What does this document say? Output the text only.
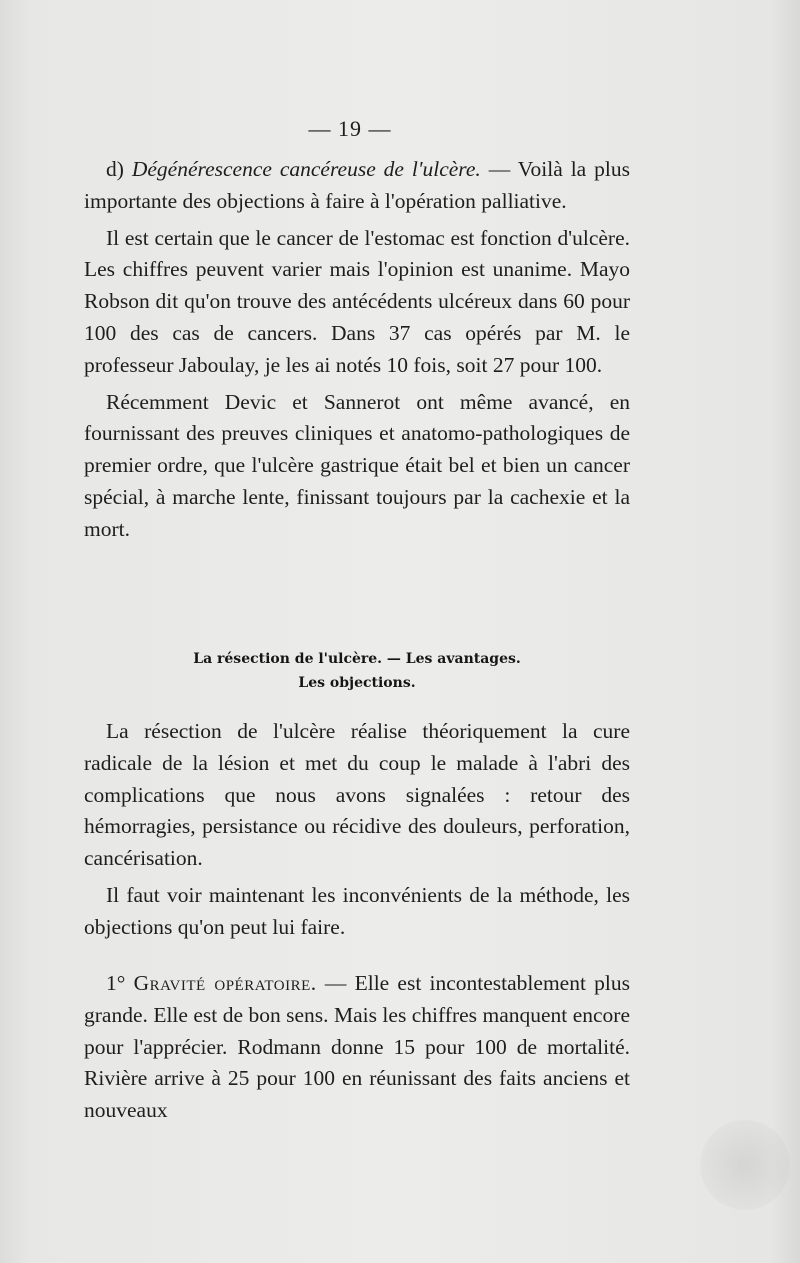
— 19 —

d) Dégénérescence cancéreuse de l'ulcère. — Voilà la plus importante des objections à faire à l'opération palliative.

Il est certain que le cancer de l'estomac est fonction d'ulcère. Les chiffres peuvent varier mais l'opinion est unanime. Mayo Robson dit qu'on trouve des antécédents ulcéreux dans 60 pour 100 des cas de cancers. Dans 37 cas opérés par M. le professeur Jaboulay, je les ai notés 10 fois, soit 27 pour 100.

Récemment Devic et Sannerot ont même avancé, en fournissant des preuves cliniques et anatomo-pathologiques de premier ordre, que l'ulcère gastrique était bel et bien un cancer spécial, à marche lente, finissant toujours par la cachexie et la mort.

La résection de l'ulcère. — Les avantages.
Les objections.

La résection de l'ulcère réalise théoriquement la cure radicale de la lésion et met du coup le malade à l'abri des complications que nous avons signalées : retour des hémorragies, persistance ou récidive des douleurs, perforation, cancérisation.

Il faut voir maintenant les inconvénients de la méthode, les objections qu'on peut lui faire.

1° Gravité opératoire. — Elle est incontestablement plus grande. Elle est de bon sens. Mais les chiffres manquent encore pour l'apprécier. Rodmann donne 15 pour 100 de mortalité. Rivière arrive à 25 pour 100 en réunissant des faits anciens et nouveaux
